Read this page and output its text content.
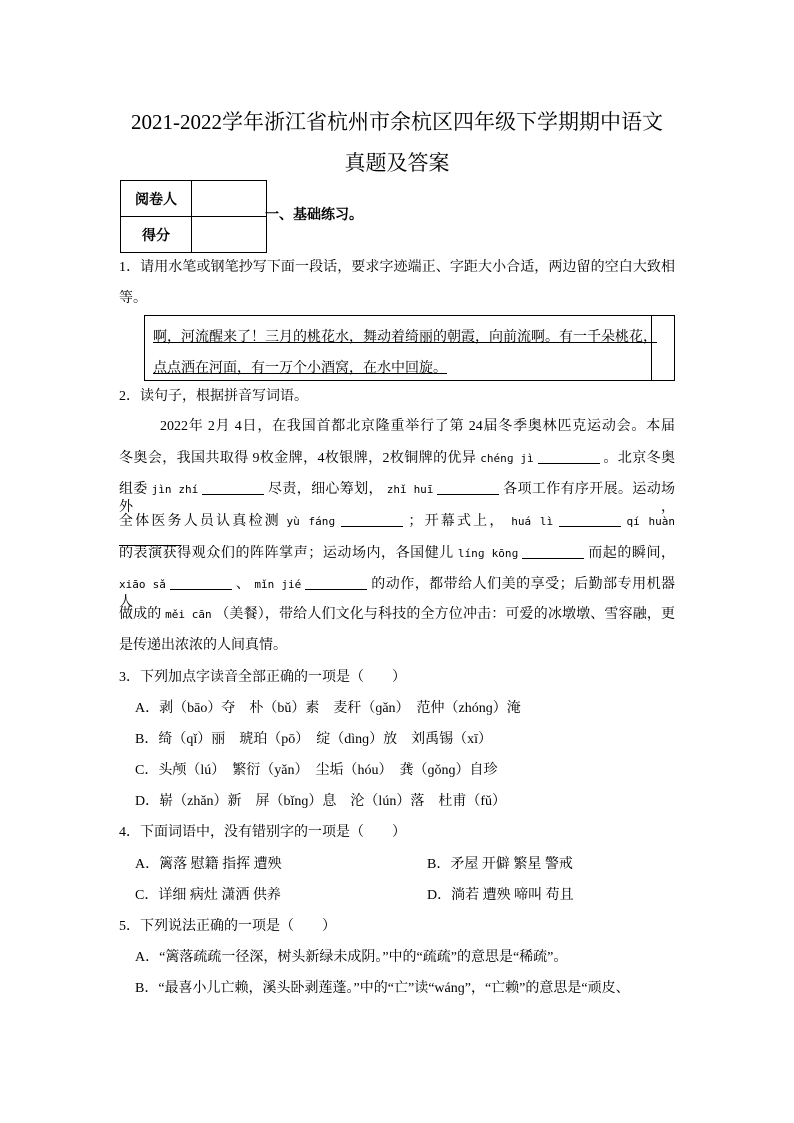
2021-2022学年浙江省杭州市余杭区四年级下学期期中语文
真题及答案
阅卷人	
得分	
一、基础练习。
1．请用水笔或钢笔抄写下面一段话，要求字迹端正、字距大小合适，两边留的空白大致相
等。
啊，河流醒来了！三月的桃花水，舞动着绮丽的朝霞，向前流啊。有一千朵桃花，
点点洒在河面，有一万个小酒窝，在水中回旋。
2．读句子，根据拼音写词语。
2022年 2月 4日，在我国首都北京隆重举行了第 24届冬季奥林匹克运动会。本届
冬奥会，我国共取得 9枚金牌，4枚银牌，2枚铜牌的优异 chénɡ jì	。北京冬奥
组委 jìn zhí	尽责，细心筹划， zhǐ huī	各项工作有序开展。运动场外，
全体医务人员认真检测 yù fánɡ	；开幕式上， huá lì	qí huàn
的表演获得观众们的阵阵掌声；运动场内，各国健儿 línɡ kōnɡ	而起的瞬间，
xiāo sǎ	、 mǐn jié	的动作，都带给人们美的享受；后勤部专用机器人
做成的 měi cān （美餐），带给人们文化与科技的全方位冲击：可爱的冰墩墩、雪容融，更
是传递出浓浓的人间真情。
3．下列加点字读音全部正确的一项是（　　）
A．剥（bāo）夺　朴（bǔ）素　麦秆（ɡǎn）　范仲（zhónɡ）淹
B．绮（qǐ）丽　琥珀（pō）　绽（dìnɡ）放　刘禹锡（xī）
C．头颅（lú）　繁衍（yǎn）　尘垢（hóu）　龚（ɡǒnɡ）自珍
D．崭（zhǎn）新　屏（bǐnɡ）息　沦（lún）落　杜甫（fǔ）
4．下面词语中，没有错别字的一项是（　　）
A．篱落 慰籍 指挥 遭殃	B．矛屋 开僻 繁星 警戒
C．详细 病灶 潇洒 供养	D．淌若 遭殃 啼叫 苟且
5．下列说法正确的一项是（　　）
A．“篱落疏疏一径深，树头新绿未成阴。”中的“疏疏”的意思是“稀疏”。
B．“最喜小儿亡赖，溪头卧剥莲蓬。”中的“亡”读“wánɡ”，“亡赖”的意思是“顽皮、
